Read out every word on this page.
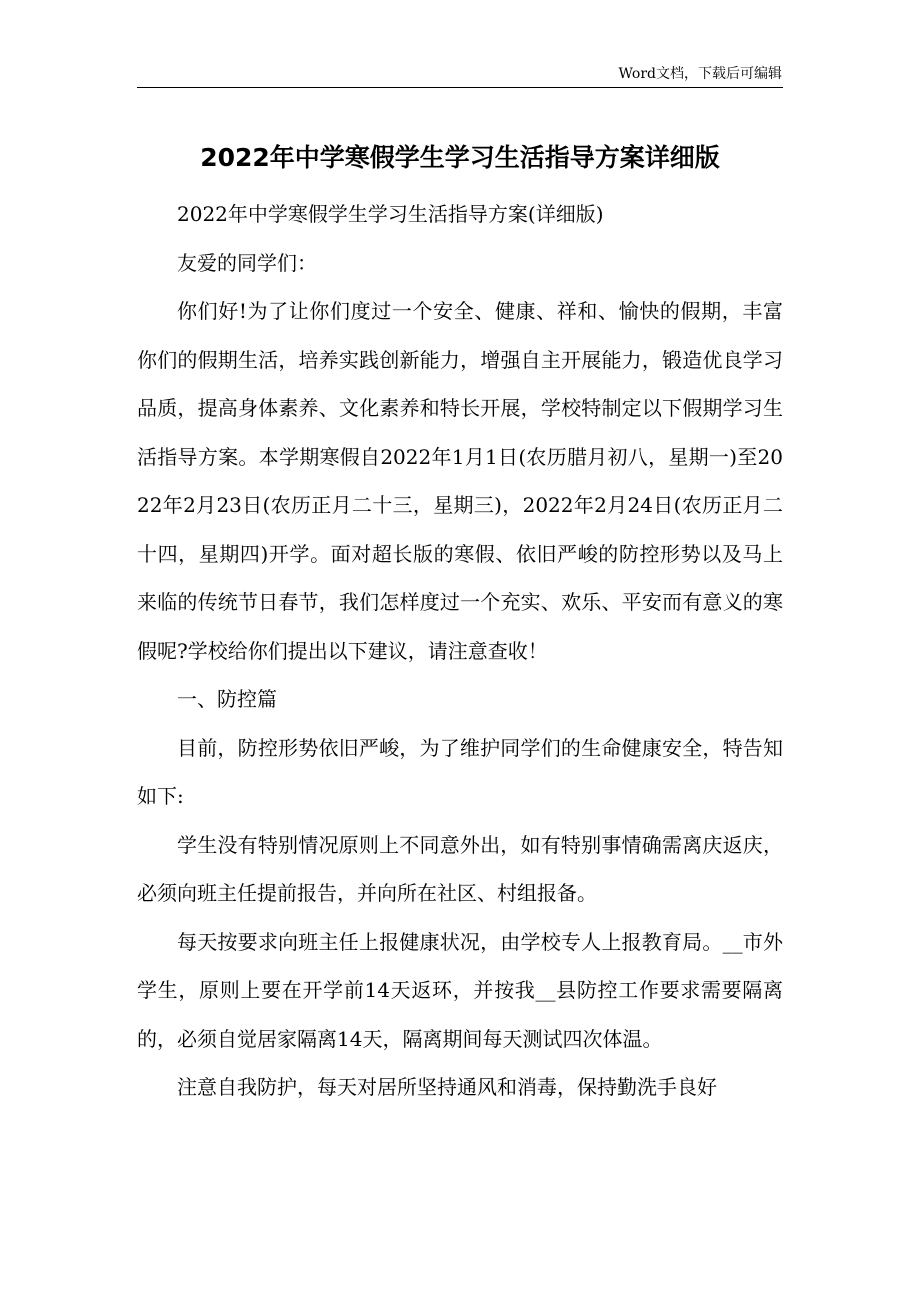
Word文档，下载后可编辑
2022年中学寒假学生学习生活指导方案详细版

2022年中学寒假学生学习生活指导方案(详细版)

友爱的同学们：

你们好!为了让你们度过一个安全、健康、祥和、愉快的假期，丰富你们的假期生活，培养实践创新能力，增强自主开展能力，锻造优良学习品质，提高身体素养、文化素养和特长开展，学校特制定以下假期学习生活指导方案。本学期寒假自2022年1月1日(农历腊月初八，星期一)至2022年2月23日(农历正月二十三，星期三)，2022年2月24日(农历正月二十四，星期四)开学。面对超长版的寒假、依旧严峻的防控形势以及马上来临的传统节日春节，我们怎样度过一个充实、欢乐、平安而有意义的寒假呢?学校给你们提出以下建议，请注意查收！

一、防控篇

目前，防控形势依旧严峻，为了维护同学们的生命健康安全，特告知如下:

学生没有特别情况原则上不同意外出，如有特别事情确需离庆返庆，必须向班主任提前报告，并向所在社区、村组报备。

每天按要求向班主任上报健康状况，由学校专人上报教育局。__市外学生，原则上要在开学前14天返环，并按我__县防控工作要求需要隔离的，必须自觉居家隔离14天，隔离期间每天测试四次体温。

注意自我防护，每天对居所坚持通风和消毒，保持勤洗手良好
